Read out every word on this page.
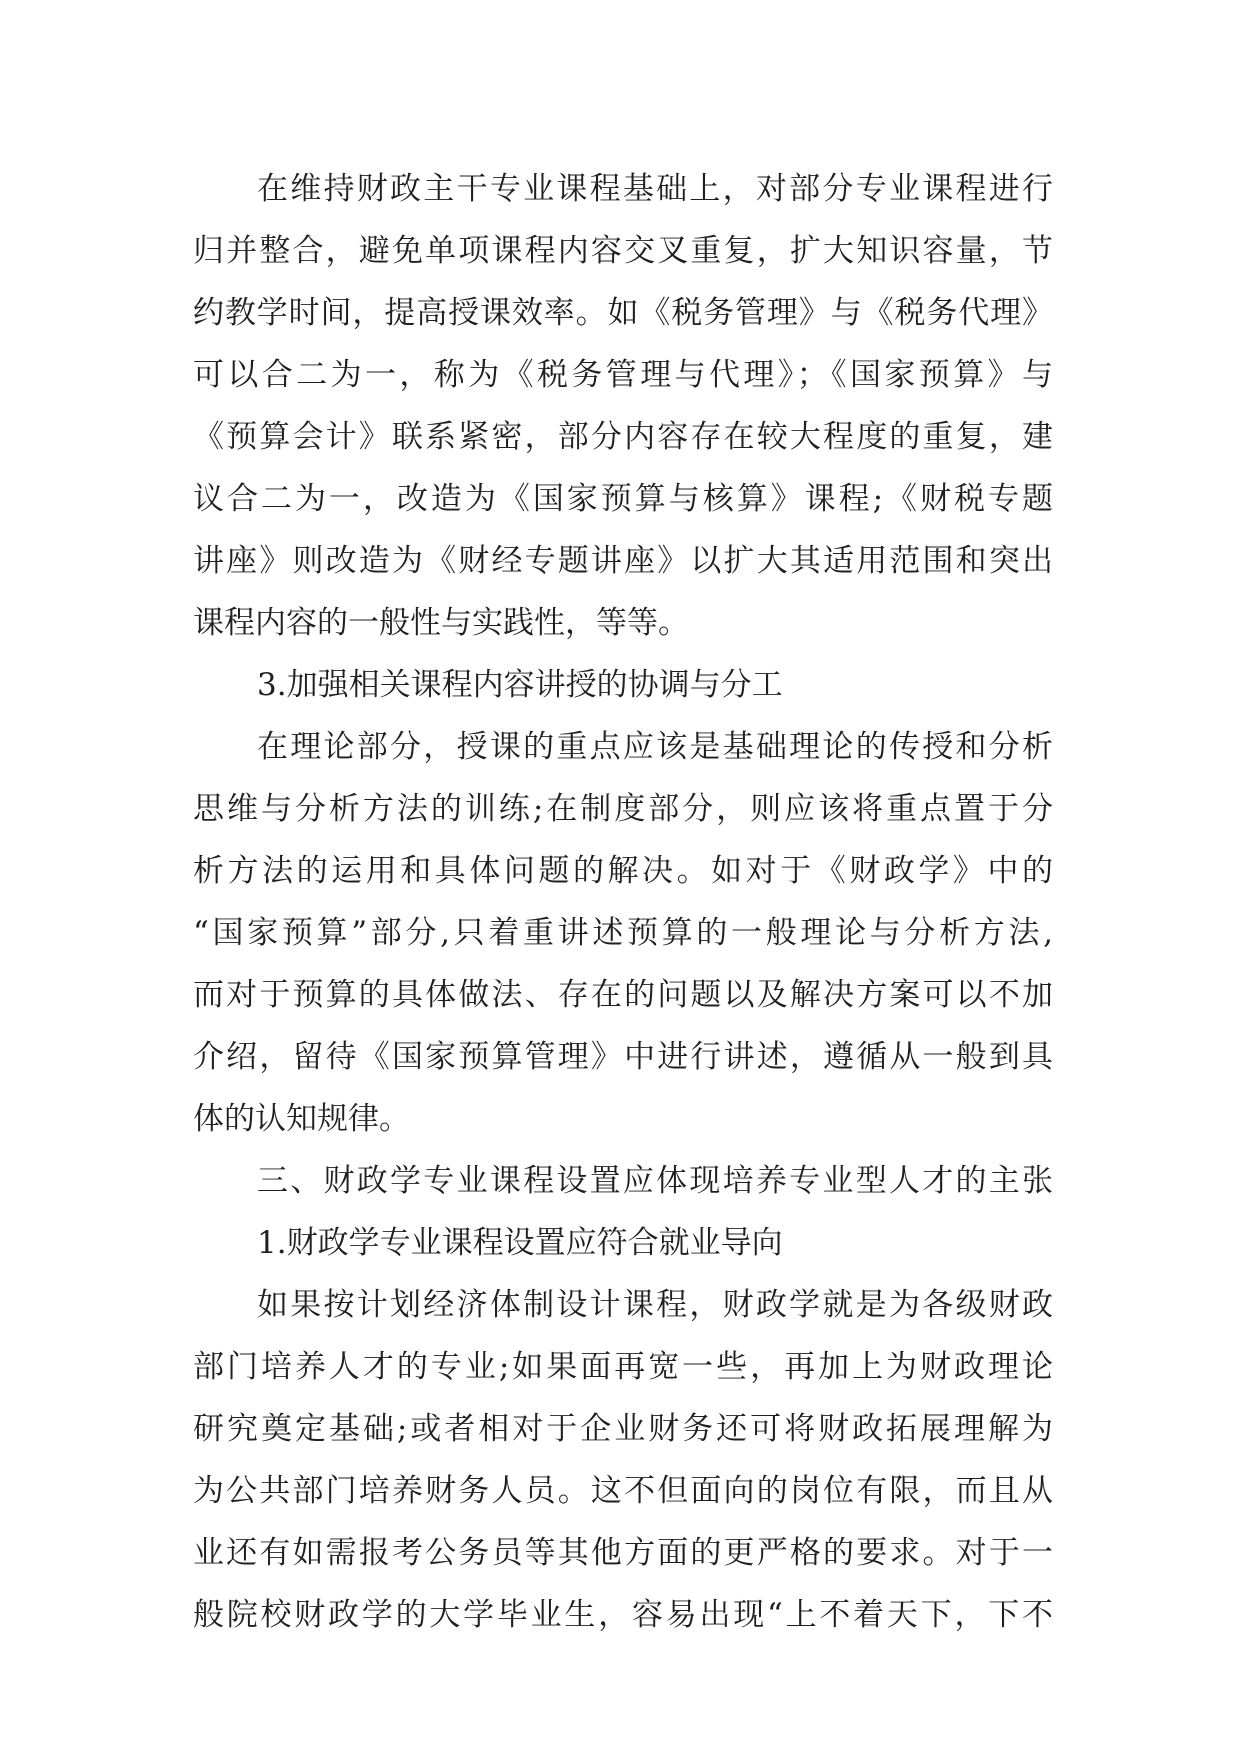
在维持财政主干专业课程基础上，对部分专业课程进行
归并整合，避免单项课程内容交叉重复，扩大知识容量，节
约教学时间，提高授课效率。如《税务管理》与《税务代理》
可以合二为一，称为《税务管理与代理》；《国家预算》与
《预算会计》联系紧密，部分内容存在较大程度的重复，建
议合二为一，改造为《国家预算与核算》课程;《财税专题
讲座》则改造为《财经专题讲座》以扩大其适用范围和突出
课程内容的一般性与实践性，等等。
3.加强相关课程内容讲授的协调与分工
在理论部分，授课的重点应该是基础理论的传授和分析
思维与分析方法的训练;在制度部分，则应该将重点置于分
析方法的运用和具体问题的解决。如对于《财政学》中的
“国家预算”部分,只着重讲述预算的一般理论与分析方法,
而对于预算的具体做法、存在的问题以及解决方案可以不加
介绍，留待《国家预算管理》中进行讲述，遵循从一般到具
体的认知规律。
三、财政学专业课程设置应体现培养专业型人才的主张
1.财政学专业课程设置应符合就业导向
如果按计划经济体制设计课程，财政学就是为各级财政
部门培养人才的专业;如果面再宽一些，再加上为财政理论
研究奠定基础;或者相对于企业财务还可将财政拓展理解为
为公共部门培养财务人员。这不但面向的岗位有限，而且从
业还有如需报考公务员等其他方面的更严格的要求。对于一
般院校财政学的大学毕业生，容易出现“上不着天下，下不
